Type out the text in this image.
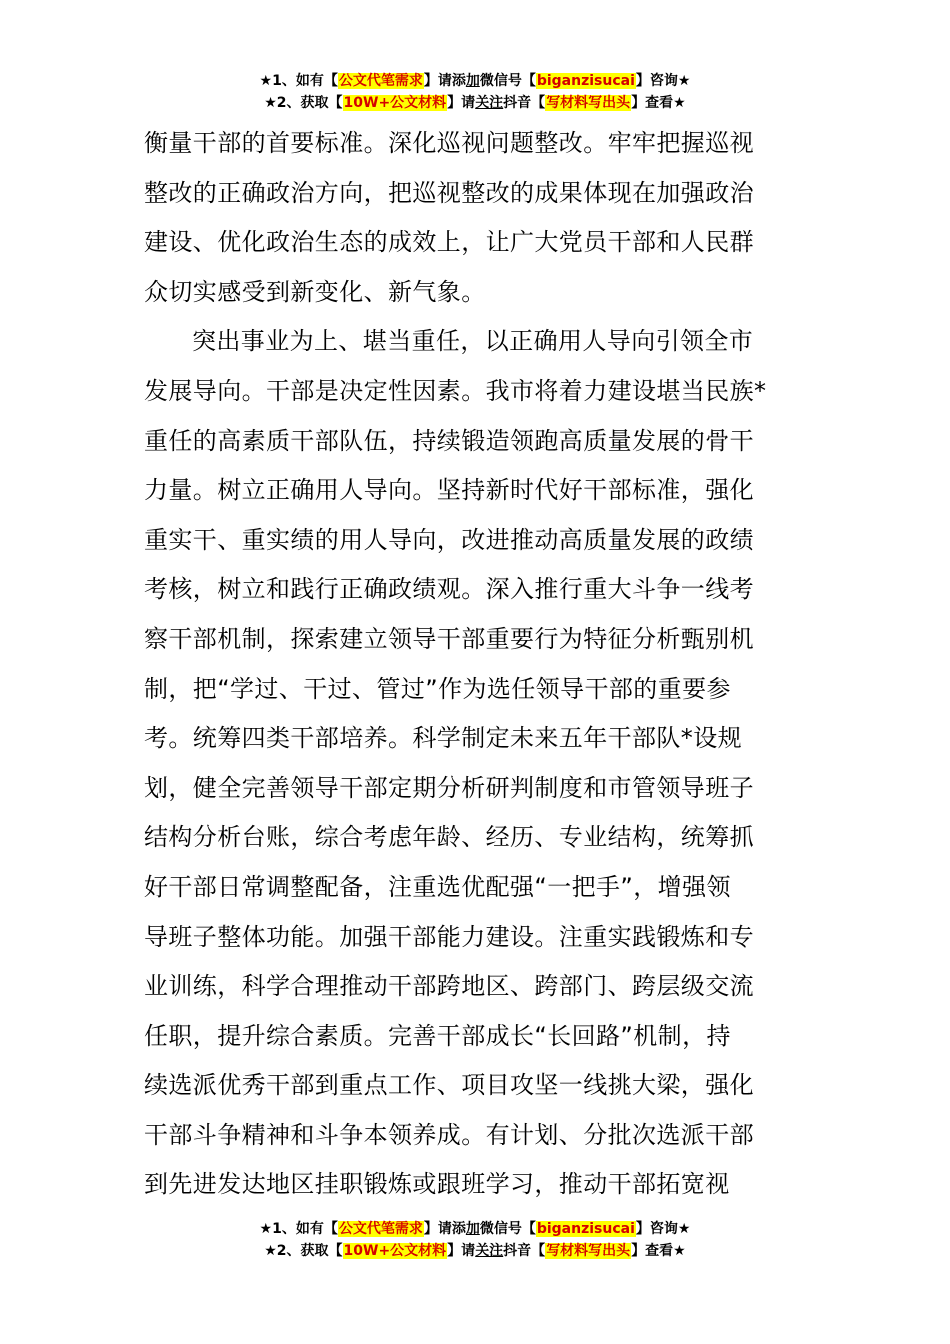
★1、如有【公文代笔需求】请添加微信号【biganzisucai】咨询★
★2、获取【10W+公文材料】请关注抖音【写材料写出头】查看★
衡量干部的首要标准。深化巡视问题整改。牢牢把握巡视
整改的正确政治方向，把巡视整改的成果体现在加强政治
建设、优化政治生态的成效上，让广大党员干部和人民群
众切实感受到新变化、新气象。
突出事业为上、堪当重任，以正确用人导向引领全市
发展导向。干部是决定性因素。我市将着力建设堪当民族*
重任的高素质干部队伍，持续锻造领跑高质量发展的骨干
力量。树立正确用人导向。坚持新时代好干部标准，强化
重实干、重实绩的用人导向，改进推动高质量发展的政绩
考核，树立和践行正确政绩观。深入推行重大斗争一线考
察干部机制，探索建立领导干部重要行为特征分析甄别机
制，把“学过、干过、管过”作为选任领导干部的重要参
考。统筹四类干部培养。科学制定未来五年干部队*设规
划，健全完善领导干部定期分析研判制度和市管领导班子
结构分析台账，综合考虑年龄、经历、专业结构，统筹抓
好干部日常调整配备，注重选优配强“一把手”，增强领
导班子整体功能。加强干部能力建设。注重实践锻炼和专
业训练，科学合理推动干部跨地区、跨部门、跨层级交流
任职，提升综合素质。完善干部成长“长回路”机制，持
续选派优秀干部到重点工作、项目攻坚一线挑大梁，强化
干部斗争精神和斗争本领养成。有计划、分批次选派干部
到先进发达地区挂职锻炼或跟班学习，推动干部拓宽视
★1、如有【公文代笔需求】请添加微信号【biganzisucai】咨询★
★2、获取【10W+公文材料】请关注抖音【写材料写出头】查看★
